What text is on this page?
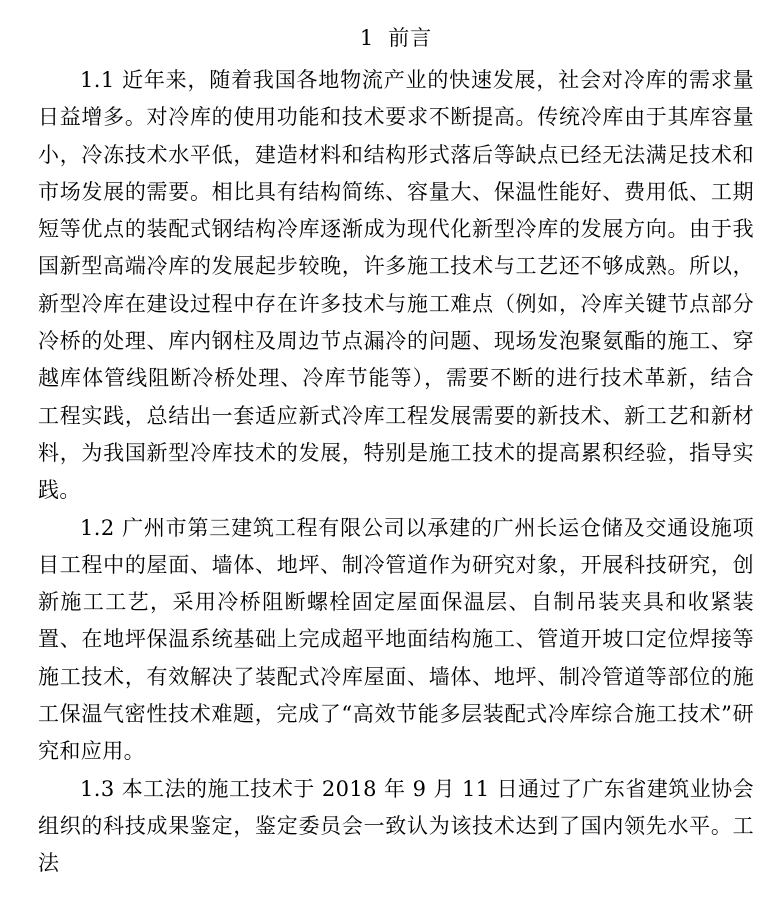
1 前言

1.1 近年来，随着我国各地物流产业的快速发展，社会对冷库的需求量日益增多。对冷库的使用功能和技术要求不断提高。传统冷库由于其库容量小，冷冻技术水平低，建造材料和结构形式落后等缺点已经无法满足技术和市场发展的需要。相比具有结构简练、容量大、保温性能好、费用低、工期短等优点的装配式钢结构冷库逐渐成为现代化新型冷库的发展方向。由于我国新型高端冷库的发展起步较晚，许多施工技术与工艺还不够成熟。所以，新型冷库在建设过程中存在许多技术与施工难点（例如，冷库关键节点部分冷桥的处理、库内钢柱及周边节点漏冷的问题、现场发泡聚氨酯的施工、穿越库体管线阻断冷桥处理、冷库节能等），需要不断的进行技术革新，结合工程实践，总结出一套适应新式冷库工程发展需要的新技术、新工艺和新材料，为我国新型冷库技术的发展，特别是施工技术的提高累积经验，指导实践。

1.2 广州市第三建筑工程有限公司以承建的广州长运仓储及交通设施项目工程中的屋面、墙体、地坪、制冷管道作为研究对象，开展科技研究，创新施工工艺，采用冷桥阻断螺栓固定屋面保温层、自制吊装夹具和收紧装置、在地坪保温系统基础上完成超平地面结构施工、管道开坡口定位焊接等施工技术，有效解决了装配式冷库屋面、墙体、地坪、制冷管道等部位的施工保温气密性技术难题，完成了“高效节能多层装配式冷库综合施工技术”研究和应用。

1.3 本工法的施工技术于 2018 年 9 月 11 日通过了广东省建筑业协会组织的科技成果鉴定，鉴定委员会一致认为该技术达到了国内领先水平。工法
